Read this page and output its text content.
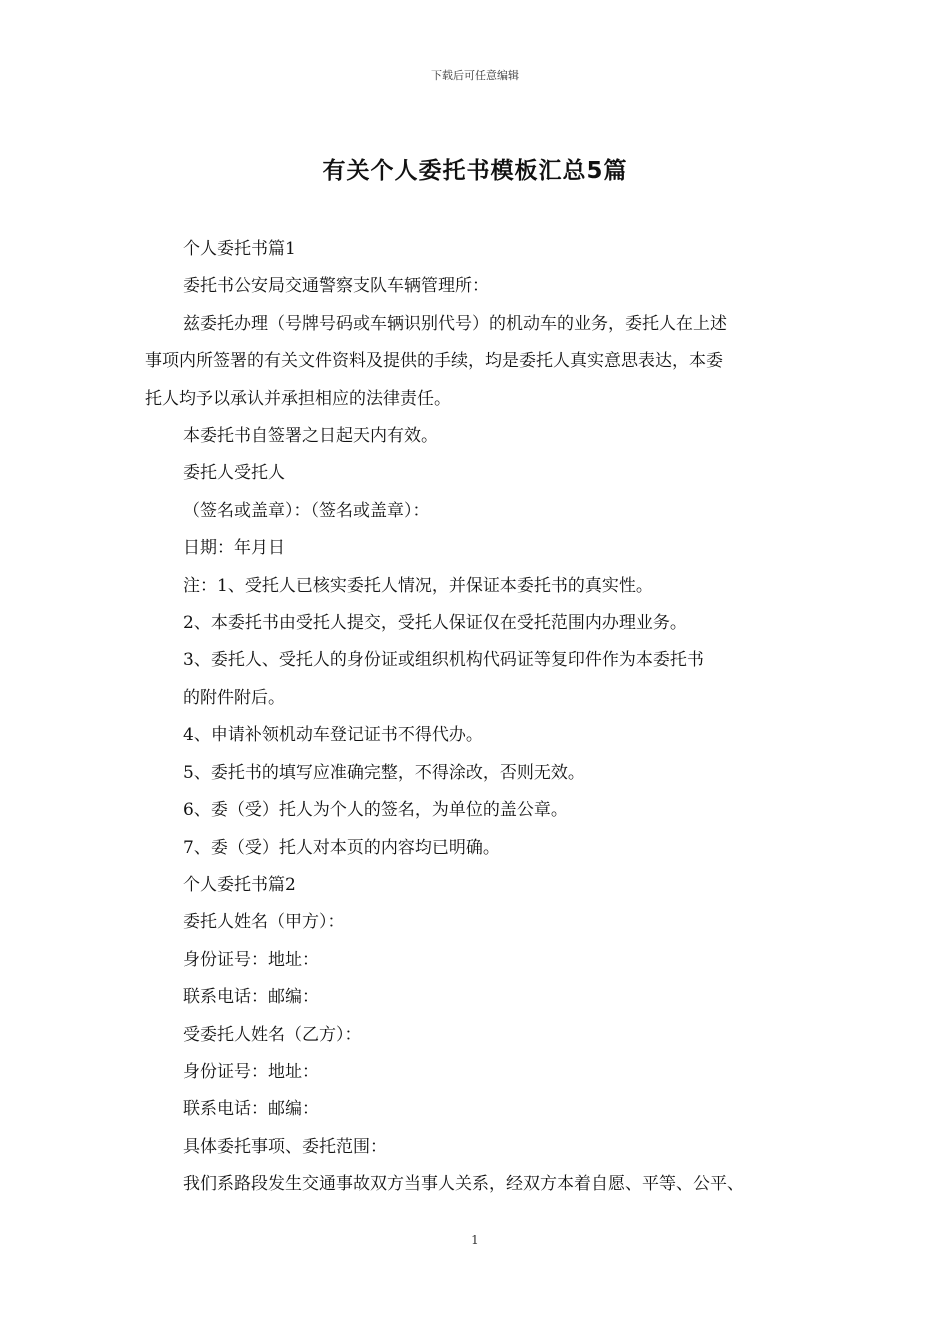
下载后可任意编辑
有关个人委托书模板汇总5篇

个人委托书篇1

委托书公安局交通警察支队车辆管理所：

兹委托办理（号牌号码或车辆识别代号）的机动车的业务，委托人在上述

事项内所签署的有关文件资料及提供的手续，均是委托人真实意思表达，本委

托人均予以承认并承担相应的法律责任。

本委托书自签署之日起天内有效。

委托人受托人

（签名或盖章）：（签名或盖章）：

日期：年月日

注：1、受托人已核实委托人情况，并保证本委托书的真实性。

2、本委托书由受托人提交，受托人保证仅在受托范围内办理业务。

3、委托人、受托人的身份证或组织机构代码证等复印件作为本委托书

的附件附后。

4、申请补领机动车登记证书不得代办。

5、委托书的填写应准确完整，不得涂改，否则无效。

6、委（受）托人为个人的签名，为单位的盖公章。

7、委（受）托人对本页的内容均已明确。

个人委托书篇2

委托人姓名（甲方）：

身份证号：地址：

联系电话：邮编：

受委托人姓名（乙方）：

身份证号：地址：

联系电话：邮编：

具体委托事项、委托范围：

我们系路段发生交通事故双方当事人关系，经双方本着自愿、平等、公平、

1
